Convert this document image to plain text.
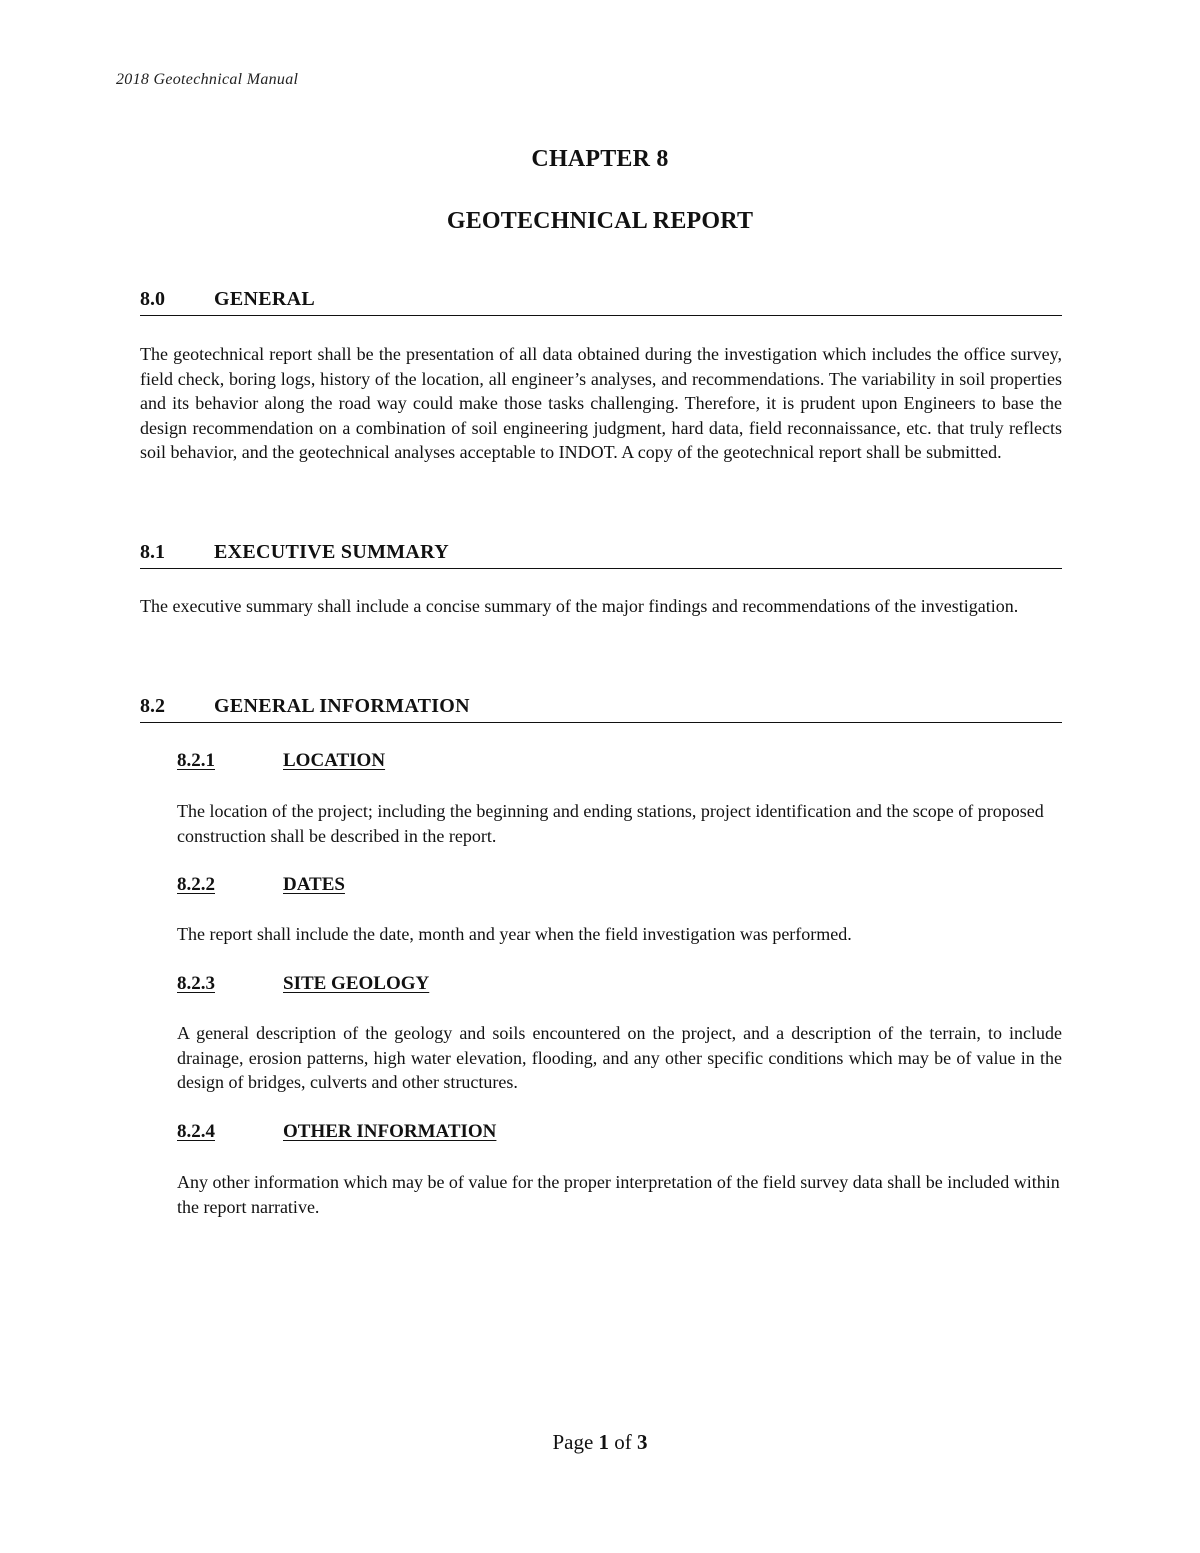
2018 Geotechnical Manual
CHAPTER 8
GEOTECHNICAL REPORT
8.0 GENERAL

The geotechnical report shall be the presentation of all data obtained during the investigation which includes the office survey, field check, boring logs, history of the location, all engineer’s analyses, and recommendations. The variability in soil properties and its behavior along the road way could make those tasks challenging. Therefore, it is prudent upon Engineers to base the design recommendation on a combination of soil engineering judgment, hard data, field reconnaissance, etc. that truly reflects soil behavior, and the geotechnical analyses acceptable to INDOT. A copy of the geotechnical report shall be submitted.

8.1 EXECUTIVE SUMMARY

The executive summary shall include a concise summary of the major findings and recommendations of the investigation.

8.2 GENERAL INFORMATION
8.2.1	LOCATION

The location of the project; including the beginning and ending stations, project identification and the scope of proposed construction shall be described in the report.

8.2.2	DATES

The report shall include the date, month and year when the field investigation was performed.

8.2.3	SITE GEOLOGY

A general description of the geology and soils encountered on the project, and a description of the terrain, to include drainage, erosion patterns, high water elevation, flooding, and any other specific conditions which may be of value in the design of bridges, culverts and other structures.

8.2.4	OTHER INFORMATION

Any other information which may be of value for the proper interpretation of the field survey data shall be included within the report narrative.

Page 1 of 3
